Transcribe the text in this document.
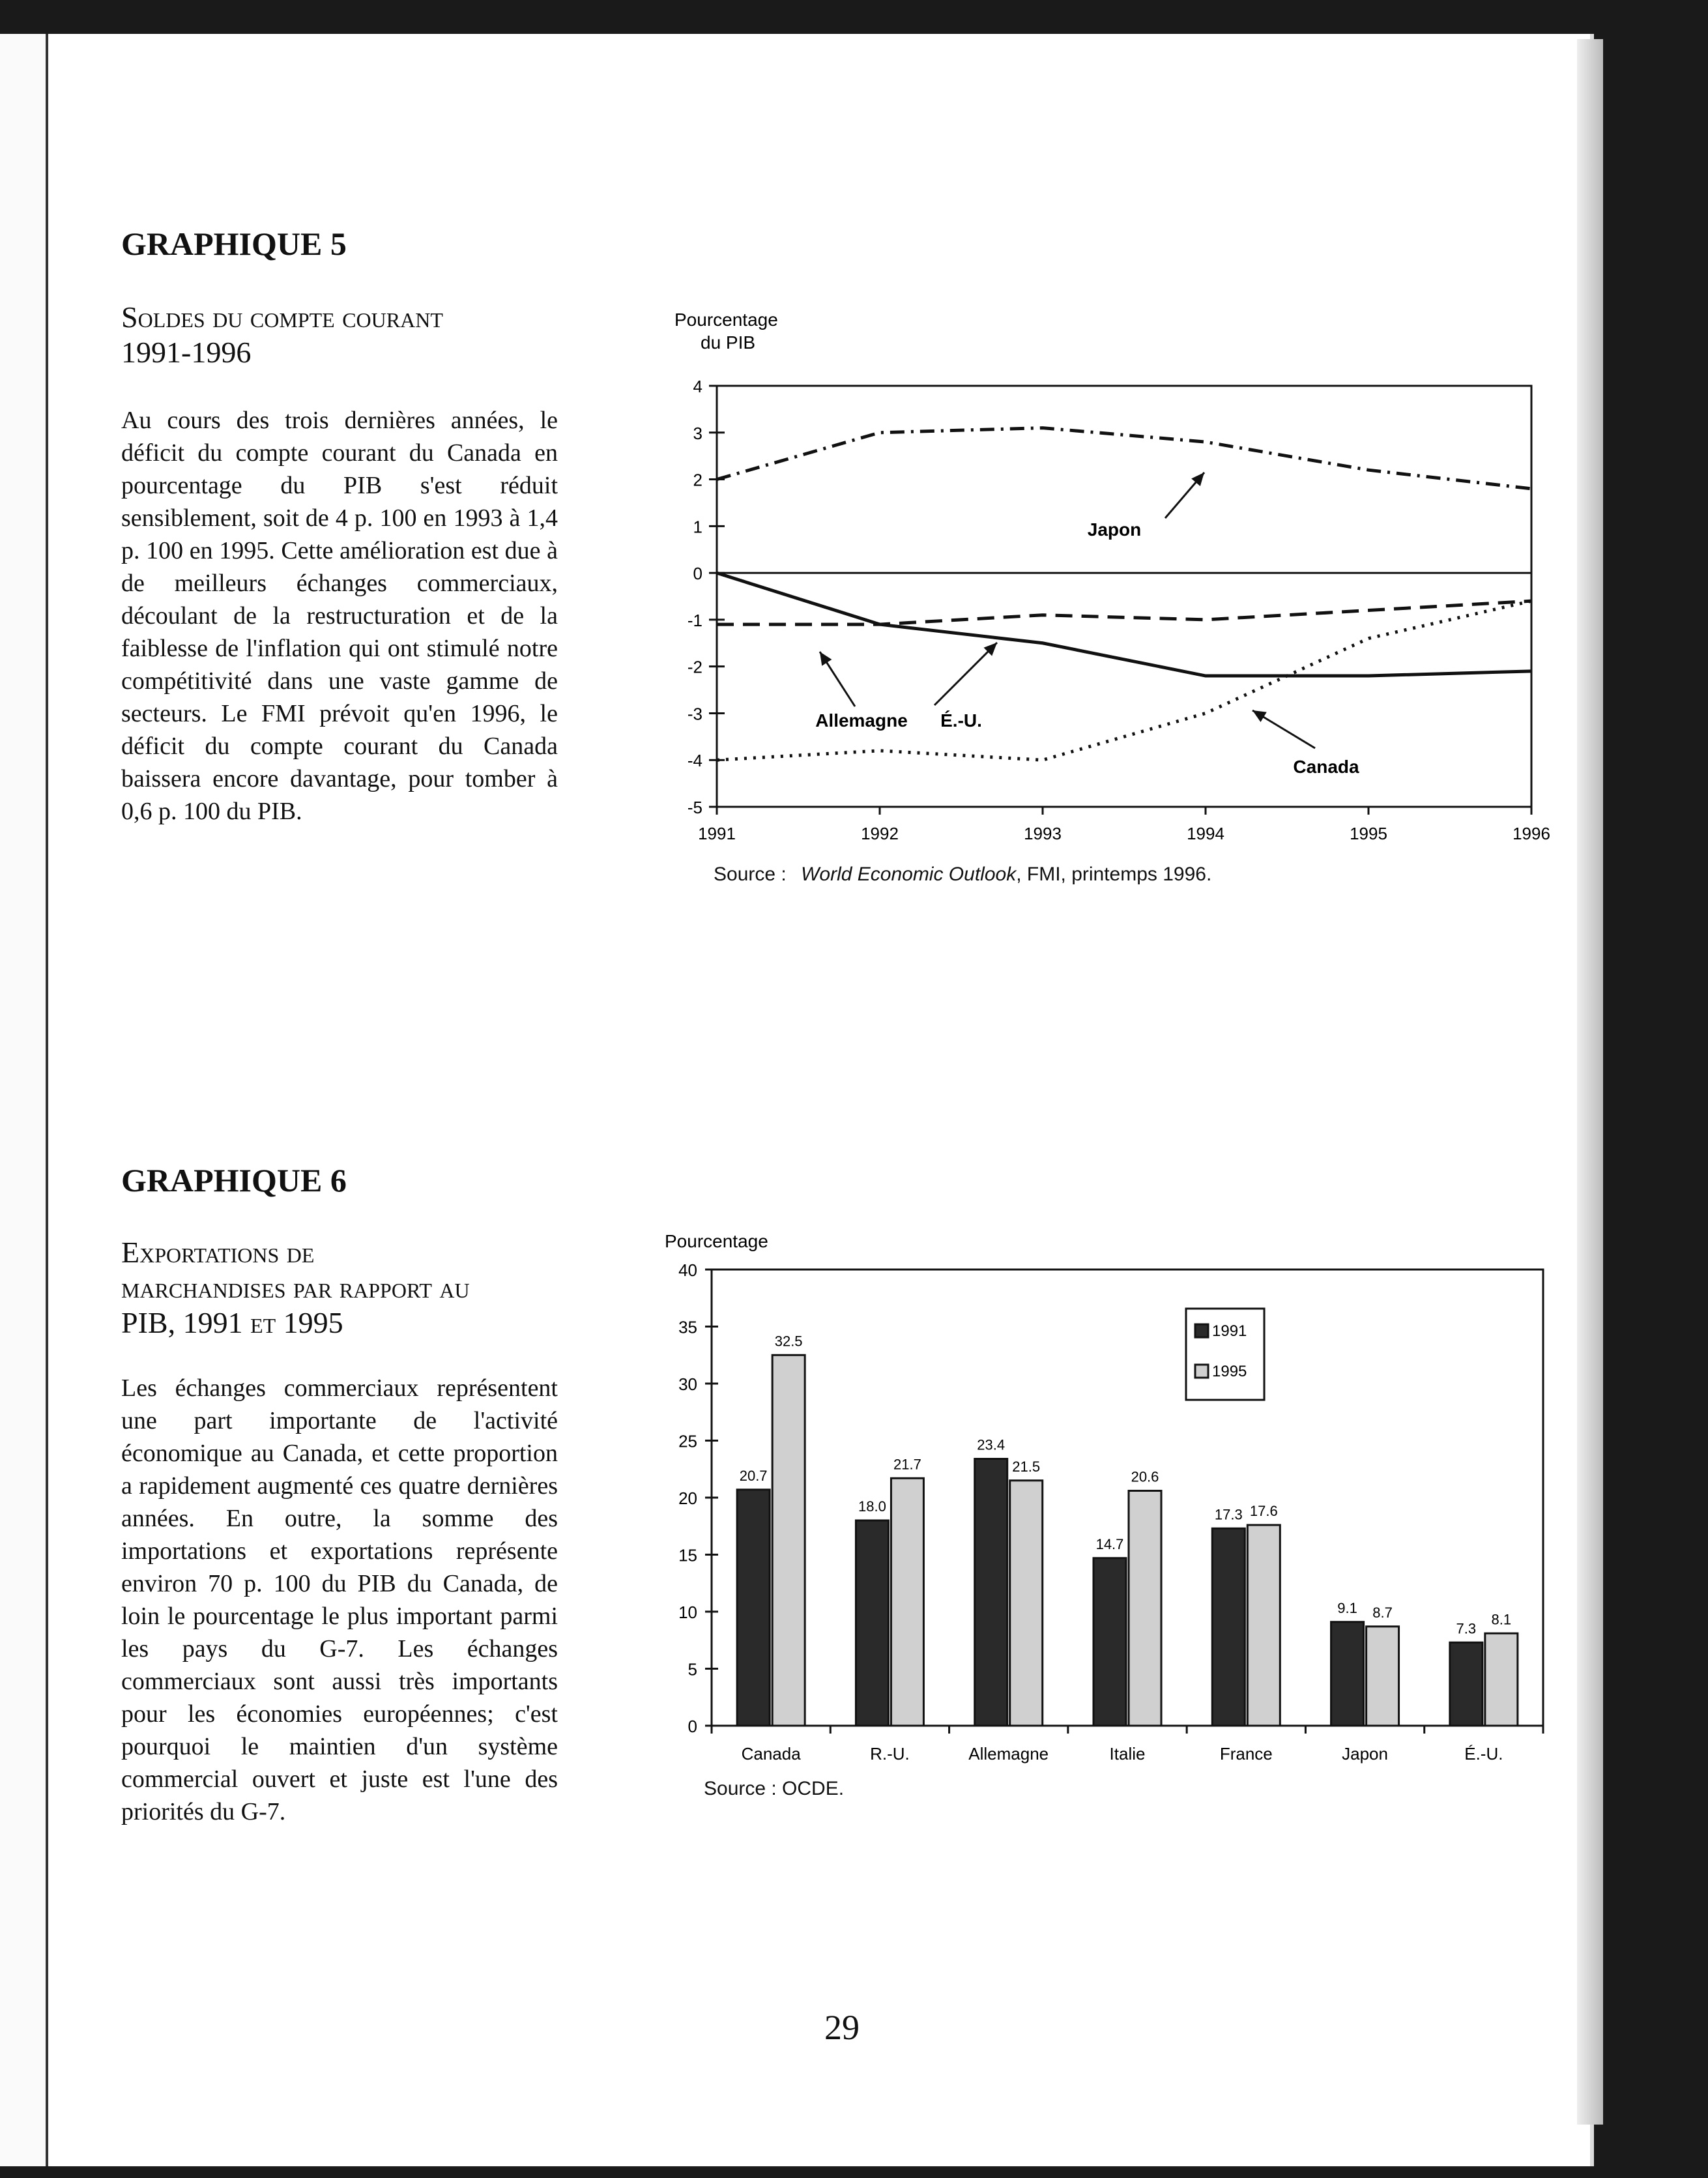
GRAPHIQUE 5
Soldes du compte courant
1991-1996
Au cours des trois dernières années, le déficit du compte courant du Canada en pourcentage du PIB s'est réduit sensiblement, soit de 4 p. 100 en 1993 à 1,4 p. 100 en 1995. Cette amélioration est due à de meilleurs échanges commerciaux, découlant de la restructuration et de la faiblesse de l'inflation qui ont stimulé notre compétitivité dans une vaste gamme de secteurs. Le FMI prévoit qu'en 1996, le déficit du compte courant du Canada baissera encore davantage, pour tomber à 0,6 p. 100 du PIB.
Pourcentage
du PIB
4
3
2
1
0
-1
-2
-3
-4
-5
1991	1992	1993	1994	1995	1996
Japon
Allemagne É.-U.
Canada
Source : World Economic Outlook, FMI, printemps 1996.
GRAPHIQUE 6
Exportations de
marchandises par rapport au
PIB, 1991 et 1995
Les échanges commerciaux représentent une part importante de l'activité économique au Canada, et cette proportion a rapidement augmenté ces quatre dernières années. En outre, la somme des importations et exportations représente environ 70 p. 100 du PIB du Canada, de loin le pourcentage le plus important parmi les pays du G-7. Les échanges commerciaux sont aussi très importants pour les économies européennes; c'est pourquoi le maintien d'un système commercial ouvert et juste est l'une des priorités du G-7.
Pourcentage
40
35
30
25
20
15
10
5
0
20.7
32.5
18.0
21.7
23.4
21.5
14.7
20.6
17.3 17.6
9.1 8.7
7.3
8.1
Canada	R.-U.	Allemagne	Italie	France	Japon	É.-U.
1991
1995
Source : OCDE.
29
